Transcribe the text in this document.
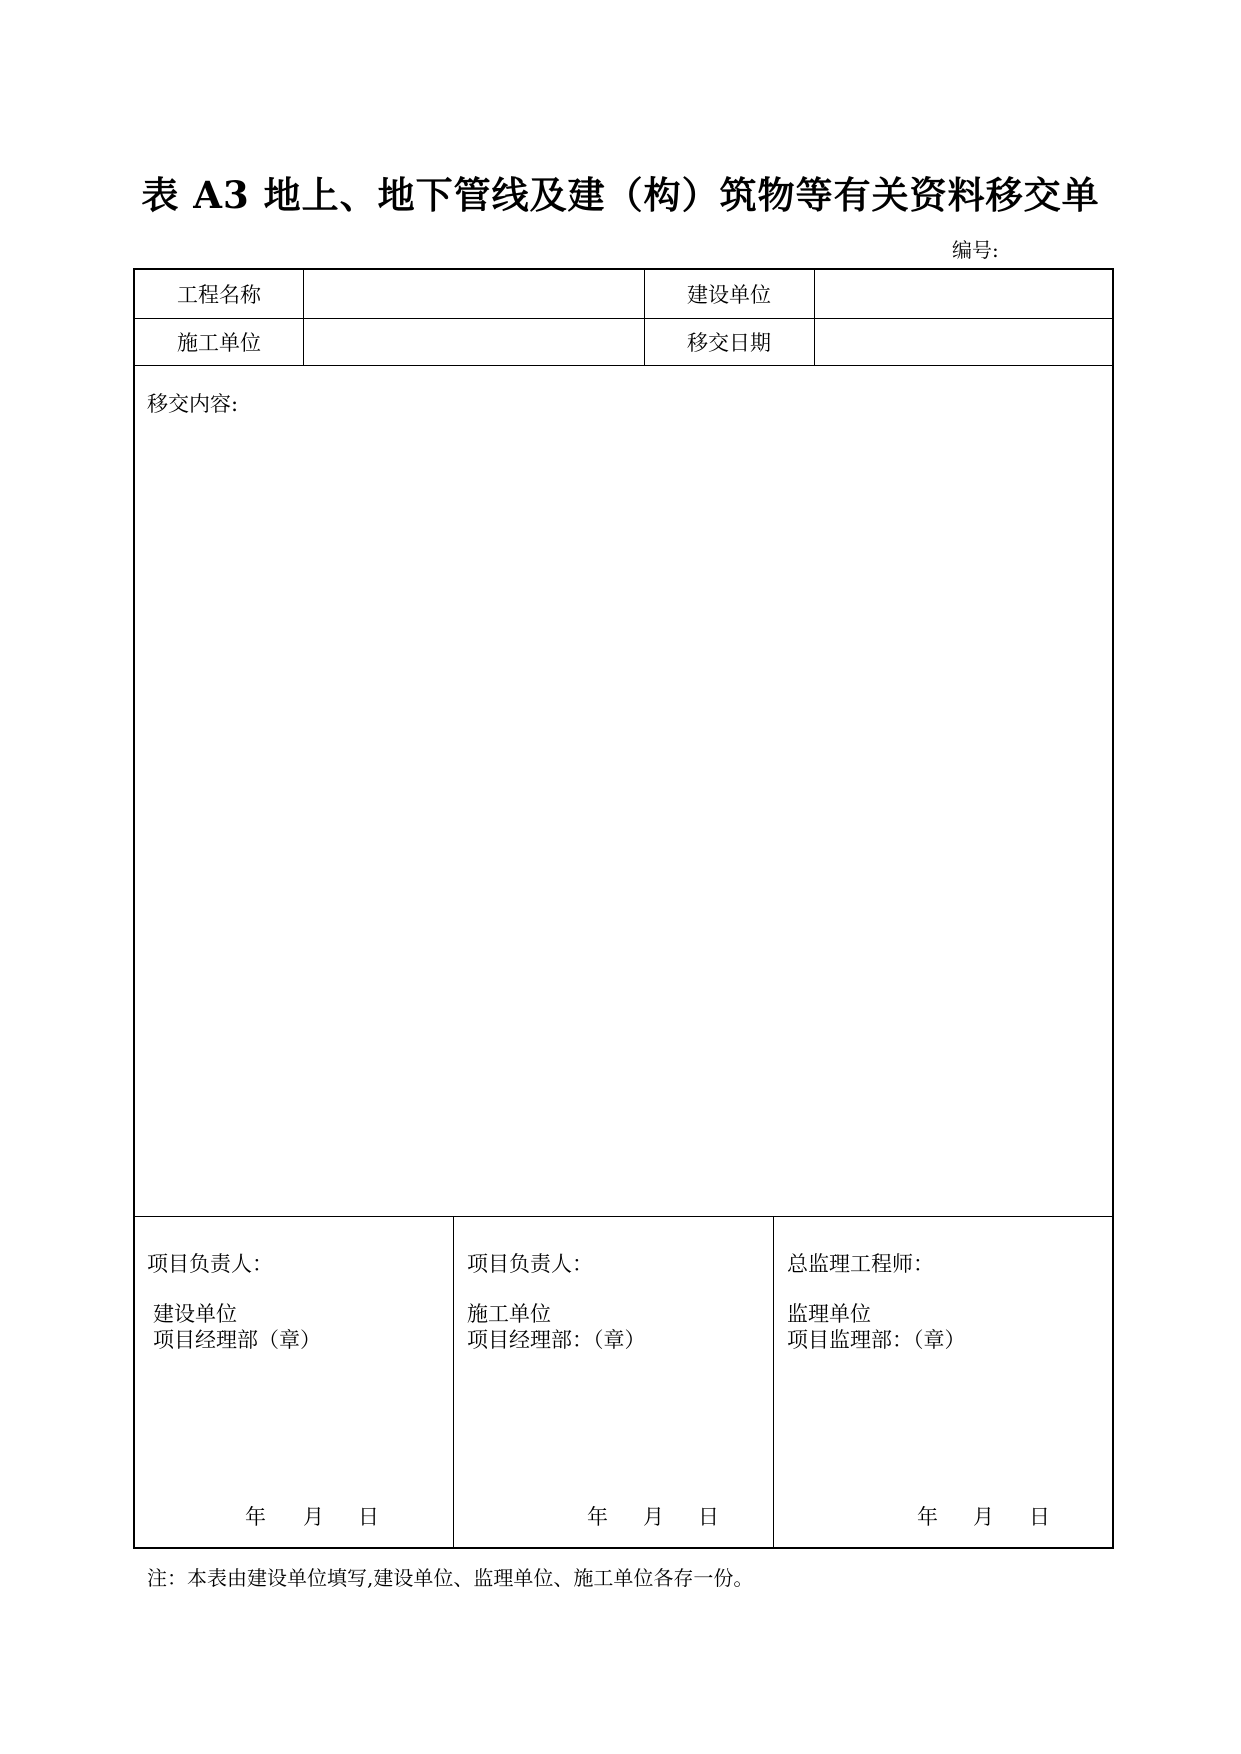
表 A3 地上、地下管线及建（构）筑物等有关资料移交单
编号:
工程名称	建设单位
施工单位	移交日期
移交内容:
项目负责人：
建设单位
项目经理部（章）
年	月	日
项目负责人：
施工单位
项目经理部：（章）
年	月	日
总监理工程师：
监理单位
项目监理部：（章）
年	月	日
注：本表由建设单位填写,建设单位、监理单位、施工单位各存一份。
